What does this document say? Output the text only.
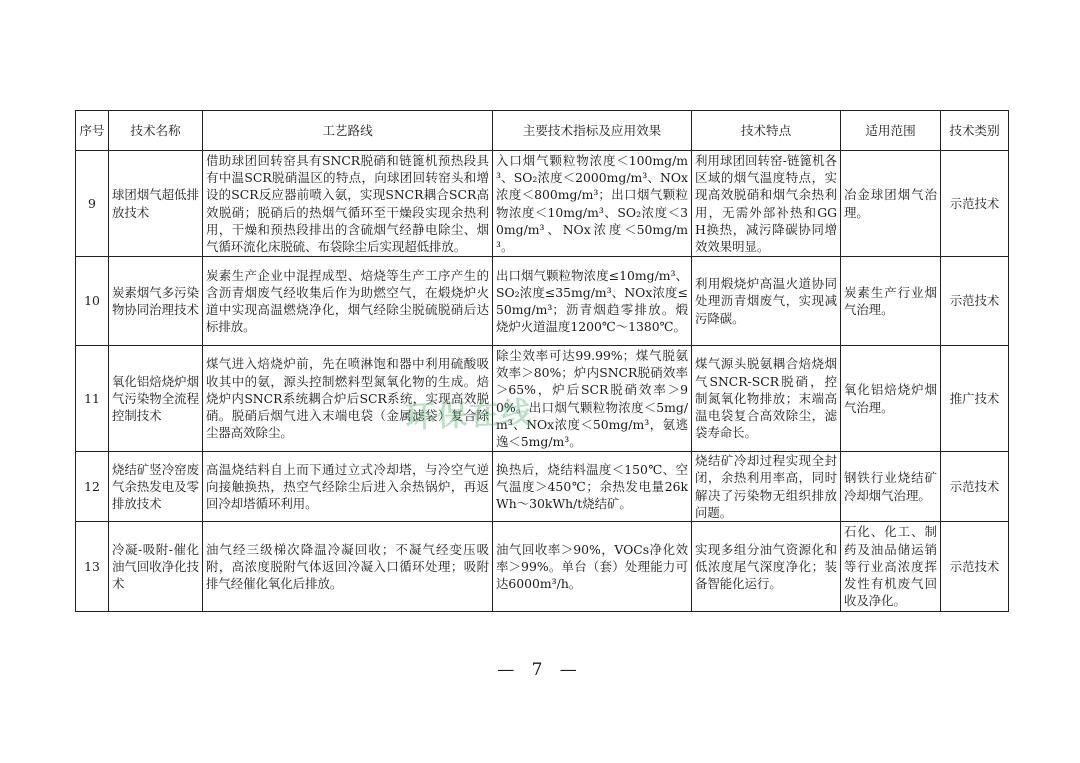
序号	技术名称	工艺路线	主要技术指标及应用效果	技术特点	适用范围	技术类别
9	球团烟气超低排放技术	借助球团回转窑具有SNCR脱硝和链篦机预热段具有中温SCR脱硝温区的特点，向球团回转窑头和增设的SCR反应器前喷入氨，实现SNCR耦合SCR高效脱硝；脱硝后的热烟气循环至干燥段实现余热利用，干燥和预热段排出的含硫烟气经静电除尘、烟气循环流化床脱硫、布袋除尘后实现超低排放。	入口烟气颗粒物浓度＜100mg/m³、SO₂浓度＜2000mg/m³、NOx浓度＜800mg/m³；出口烟气颗粒物浓度＜10mg/m³、SO₂浓度＜30mg/m³、NOx浓度＜50mg/m³。	利用球团回转窑-链篦机各区域的烟气温度特点，实现高效脱硝和烟气余热利用，无需外部补热和GGH换热，减污降碳协同增效效果明显。	冶金球团烟气治理。	示范技术
10	炭素烟气多污染物协同治理技术	炭素生产企业中混捏成型、焙烧等生产工序产生的含沥青烟废气经收集后作为助燃空气，在煅烧炉火道中实现高温燃烧净化，烟气经除尘脱硫脱硝后达标排放。	出口烟气颗粒物浓度≤10mg/m³、SO₂浓度≤35mg/m³、NOx浓度≤50mg/m³；沥青烟趋零排放。煅烧炉火道温度1200℃～1380℃。	利用煅烧炉高温火道协同处理沥青烟废气，实现减污降碳。	炭素生产行业烟气治理。	示范技术
11	氧化铝焙烧炉烟气污染物全流程控制技术	煤气进入焙烧炉前，先在喷淋饱和器中利用硫酸吸收其中的氨，源头控制燃料型氮氧化物的生成。焙烧炉内SNCR系统耦合炉后SCR系统，实现高效脱硝。脱硝后烟气进入末端电袋（金属滤袋）复合除尘器高效除尘。	除尘效率可达99.99%；煤气脱氨效率＞80%；炉内SNCR脱硝效率＞65%，炉后SCR脱硝效率＞90%。出口烟气颗粒物浓度＜5mg/m³、NOx浓度＜50mg/m³，氨逃逸＜5mg/m³。	煤气源头脱氨耦合焙烧烟气SNCR-SCR脱硝，控制氮氧化物排放；末端高温电袋复合高效除尘，滤袋寿命长。	氧化铝焙烧炉烟气治理。	推广技术
12	烧结矿竖冷窑废气余热发电及零排放技术	高温烧结料自上而下通过立式冷却塔，与冷空气逆向接触换热，热空气经除尘后进入余热锅炉，再返回冷却塔循环利用。	换热后，烧结料温度＜150℃、空气温度＞450℃；余热发电量26kWh～30kWh/t烧结矿。	烧结矿冷却过程实现全封闭，余热利用率高，同时解决了污染物无组织排放问题。	钢铁行业烧结矿冷却烟气治理。	示范技术
13	冷凝-吸附-催化油气回收净化技术	油气经三级梯次降温冷凝回收；不凝气经变压吸附，高浓度脱附气体返回冷凝入口循环处理；吸附排气经催化氧化后排放。	油气回收率＞90%，VOCs净化效率＞99%。单台（套）处理能力可达6000m³/h。	实现多组分油气资源化和低浓度尾气深度净化；装备智能化运行。	石化、化工、制药及油品储运销等行业高浓度挥发性有机废气回收及净化。	示范技术
环保在线
— 7 —
